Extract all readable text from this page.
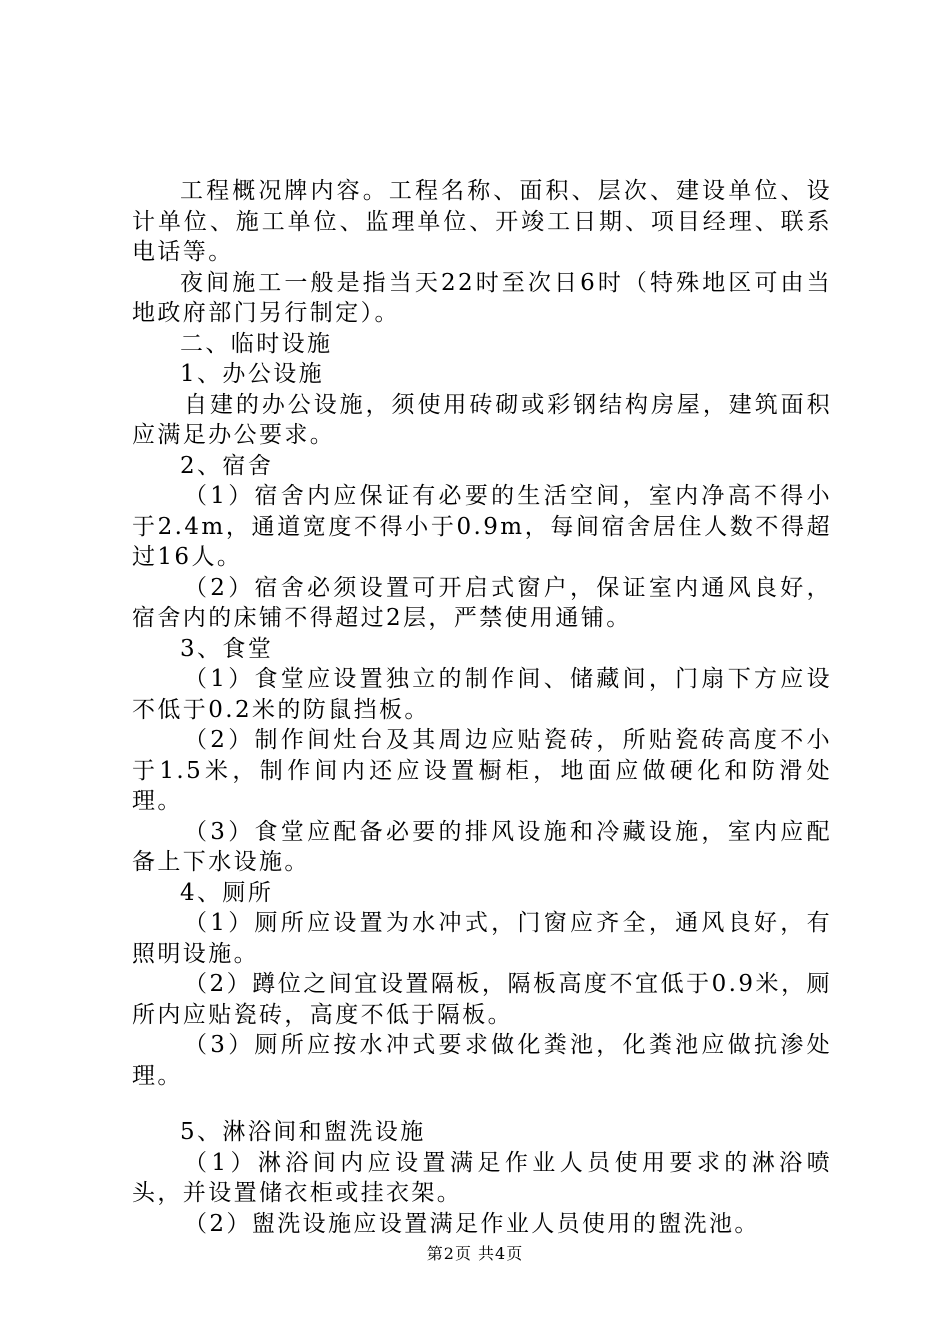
工程概况牌内容。工程名称、面积、层次、建设单位、设计单位、施工单位、监理单位、开竣工日期、项目经理、联系电话等。

夜间施工一般是指当天22时至次日6时（特殊地区可由当地政府部门另行制定）。

二、临时设施

1、办公设施

自建的办公设施，须使用砖砌或彩钢结构房屋，建筑面积应满足办公要求。

2、宿舍

（1）宿舍内应保证有必要的生活空间，室内净高不得小于2.4m，通道宽度不得小于0.9m，每间宿舍居住人数不得超过16人。

（2）宿舍必须设置可开启式窗户，保证室内通风良好，宿舍内的床铺不得超过2层，严禁使用通铺。

3、食堂

（1）食堂应设置独立的制作间、储藏间，门扇下方应设不低于0.2米的防鼠挡板。

（2）制作间灶台及其周边应贴瓷砖，所贴瓷砖高度不小于1.5米，制作间内还应设置橱柜，地面应做硬化和防滑处理。

（3）食堂应配备必要的排风设施和冷藏设施，室内应配备上下水设施。

4、厕所

（1）厕所应设置为水冲式，门窗应齐全，通风良好，有照明设施。

（2）蹲位之间宜设置隔板，隔板高度不宜低于0.9米，厕所内应贴瓷砖，高度不低于隔板。

（3）厕所应按水冲式要求做化粪池，化粪池应做抗渗处理。

5、淋浴间和盥洗设施

（1）淋浴间内应设置满足作业人员使用要求的淋浴喷头，并设置储衣柜或挂衣架。

（2）盥洗设施应设置满足作业人员使用的盥洗池。

第2页 共4页
